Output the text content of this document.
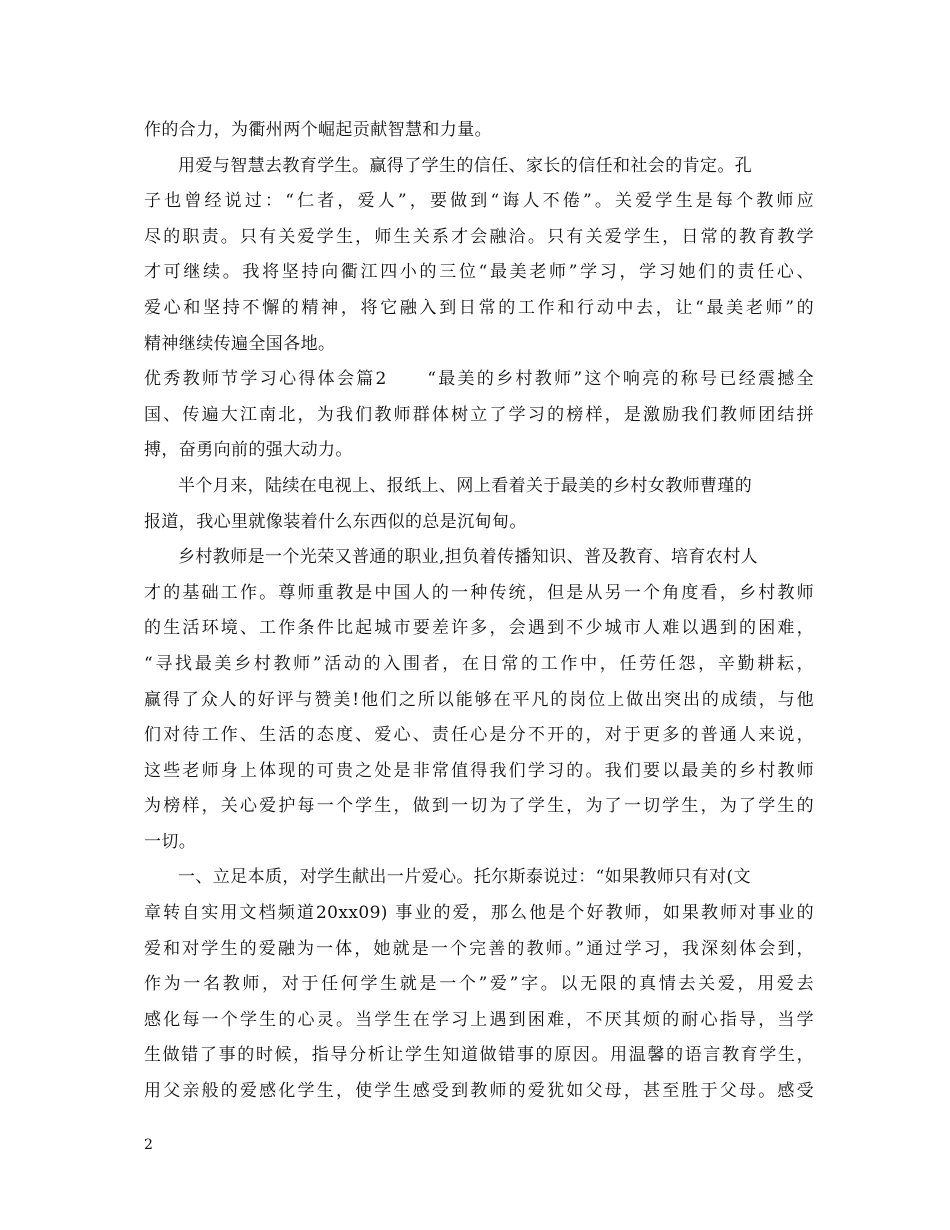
作的合力，为衢州两个崛起贡献智慧和力量。
用爱与智慧去教育学生。赢得了学生的信任、家长的信任和社会的肯定。孔
子也曾经说过：“仁者，爱人”，要做到“诲人不倦”。关爱学生是每个教师应
尽的职责。只有关爱学生，师生关系才会融洽。只有关爱学生，日常的教育教学
才可继续。我将坚持向衢江四小的三位“最美老师”学习，学习她们的责任心、
爱心和坚持不懈的精神，将它融入到日常的工作和行动中去，让“最美老师”的
精神继续传遍全国各地。
优秀教师节学习心得体会篇2　　“最美的乡村教师”这个响亮的称号已经震撼全
国、传遍大江南北，为我们教师群体树立了学习的榜样，是激励我们教师团结拼
搏，奋勇向前的强大动力。
半个月来，陆续在电视上、报纸上、网上看着关于最美的乡村女教师曹瑾的
报道，我心里就像装着什么东西似的总是沉甸甸。
乡村教师是一个光荣又普通的职业,担负着传播知识、普及教育、培育农村人
才的基础工作。尊师重教是中国人的一种传统，但是从另一个角度看，乡村教师
的生活环境、工作条件比起城市要差许多，会遇到不少城市人难以遇到的困难，
“寻找最美乡村教师”活动的入围者，在日常的工作中，任劳任怨，辛勤耕耘，
赢得了众人的好评与赞美!他们之所以能够在平凡的岗位上做出突出的成绩，与他
们对待工作、生活的态度、爱心、责任心是分不开的，对于更多的普通人来说，
这些老师身上体现的可贵之处是非常值得我们学习的。我们要以最美的乡村教师
为榜样，关心爱护每一个学生，做到一切为了学生，为了一切学生，为了学生的
一切。
一、立足本质，对学生献出一片爱心。托尔斯泰说过：“如果教师只有对(文
章转自实用文档频道20xx09) 事业的爱，那么他是个好教师，如果教师对事业的
爱和对学生的爱融为一体，她就是一个完善的教师。”通过学习，我深刻体会到，
作为一名教师，对于任何学生就是一个”爱”字。以无限的真情去关爱，用爱去
感化每一个学生的心灵。当学生在学习上遇到困难，不厌其烦的耐心指导，当学
生做错了事的时候，指导分析让学生知道做错事的原因。用温馨的语言教育学生，
用父亲般的爱感化学生，使学生感受到教师的爱犹如父母，甚至胜于父母。感受
2
